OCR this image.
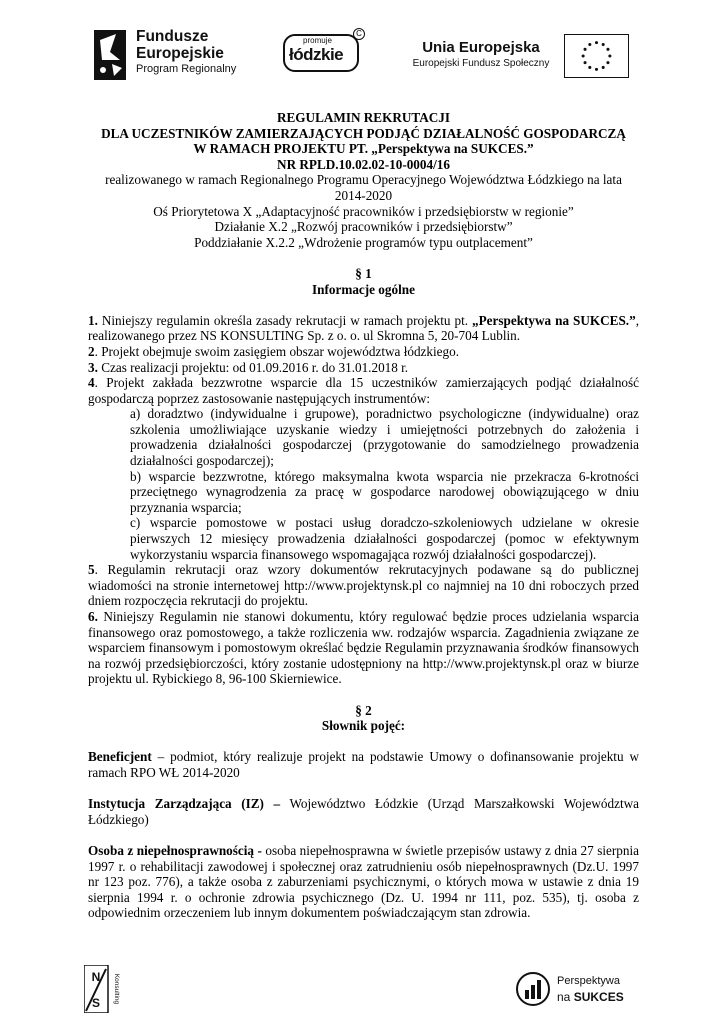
Fundusze
Europejskie
Program Regionalny
promuje
łódzkie
C
Unia Europejska
Europejski Fundusz Społeczny

REGULAMIN REKRUTACJI

DLA UCZESTNIKÓW ZAMIERZAJĄCYCH PODJĄĆ DZIAŁALNOŚĆ GOSPODARCZĄ

W RAMACH PROJEKTU PT. „Perspektywa na SUKCES.”

NR RPLD.10.02.02-10-0004/16

realizowanego w ramach Regionalnego Programu Operacyjnego Województwa Łódzkiego na lata

2014-2020

Oś Priorytetowa X „Adaptacyjność pracowników i przedsiębiorstw w regionie”

Działanie X.2 „Rozwój pracowników i przedsiębiorstw”

Poddziałanie X.2.2 „Wdrożenie programów typu outplacement”

§ 1

Informacje ogólne

1. Niniejszy regulamin określa zasady rekrutacji w ramach projektu pt. „Perspektywa na SUKCES.”, realizowanego przez NS KONSULTING Sp. z o. o. ul Skromna 5, 20-704 Lublin.

2. Projekt obejmuje swoim zasięgiem obszar województwa łódzkiego.

3. Czas realizacji projektu: od 01.09.2016 r. do 31.01.2018 r.

4. Projekt zakłada bezzwrotne wsparcie dla 15 uczestników zamierzających podjąć działalność gospodarczą poprzez zastosowanie następujących instrumentów:

a) doradztwo (indywidualne i grupowe), poradnictwo psychologiczne (indywidualne) oraz szkolenia umożliwiające uzyskanie wiedzy i umiejętności potrzebnych do założenia i prowadzenia działalności gospodarczej (przygotowanie do samodzielnego prowadzenia działalności gospodarczej);

b) wsparcie bezzwrotne, którego maksymalna kwota wsparcia nie przekracza 6-krotności przeciętnego wynagrodzenia za pracę w gospodarce narodowej obowiązującego w dniu przyznania wsparcia;

c) wsparcie pomostowe w postaci usług doradczo-szkoleniowych udzielane w okresie pierwszych 12 miesięcy prowadzenia działalności gospodarczej (pomoc w efektywnym wykorzystaniu wsparcia finansowego wspomagająca rozwój działalności gospodarczej).

5. Regulamin rekrutacji oraz wzory dokumentów rekrutacyjnych podawane są do publicznej wiadomości na stronie internetowej http://www.projektynsk.pl co najmniej na 10 dni roboczych przed dniem rozpoczęcia rekrutacji do projektu.

6. Niniejszy Regulamin nie stanowi dokumentu, który regulować będzie proces udzielania wsparcia finansowego oraz pomostowego, a także rozliczenia ww. rodzajów wsparcia. Zagadnienia związane ze wsparciem finansowym i pomostowym określać będzie Regulamin przyznawania środków finansowych na rozwój przedsiębiorczości, który zostanie udostępniony na http://www.projektynsk.pl oraz w biurze projektu ul. Rybickiego 8, 96-100 Skierniewice.

§ 2

Słownik pojęć:

Beneficjent – podmiot, który realizuje projekt na podstawie Umowy o dofinansowanie projektu w ramach RPO WŁ 2014-2020

Instytucja Zarządzająca (IZ) – Województwo Łódzkie (Urząd Marszałkowski Województwa Łódzkiego)

Osoba z niepełnosprawnością - osoba niepełnosprawna w świetle przepisów ustawy z dnia 27 sierpnia 1997 r. o rehabilitacji zawodowej i społecznej oraz zatrudnieniu osób niepełnosprawnych (Dz.U. 1997 nr 123 poz. 776), a także osoba z zaburzeniami psychicznymi, o których mowa w ustawie z dnia 19 sierpnia 1994 r. o ochronie zdrowia psychicznego (Dz. U. 1994 nr 111, poz. 535), tj. osoba z odpowiednim orzeczeniem lub innym dokumentem poświadczającym stan zdrowia.

N
S Konsulting	Perspektywa
na SUKCES
